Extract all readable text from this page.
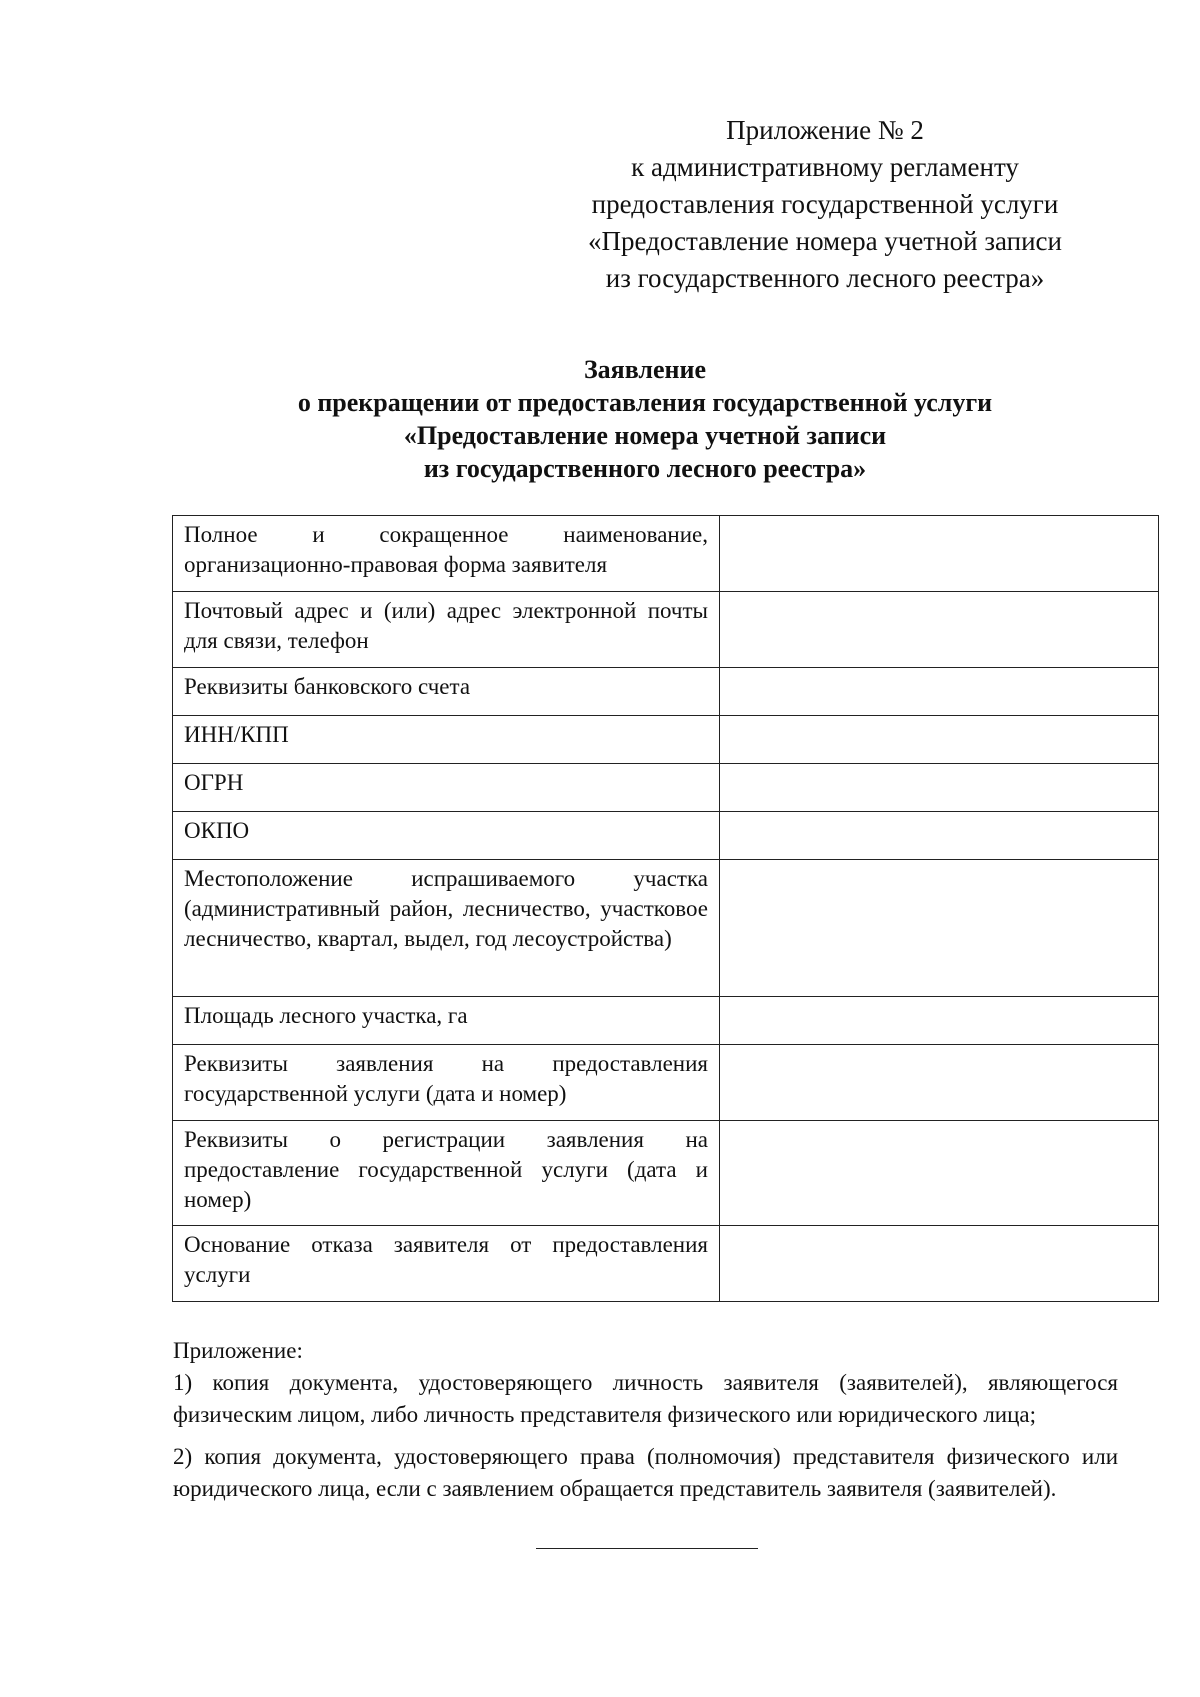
Приложение № 2
к административному регламенту
предоставления государственной услуги
«Предоставление номера учетной записи
из государственного лесного реестра»
Заявление
о прекращении от предоставления государственной услуги
«Предоставление номера учетной записи
из государственного лесного реестра»
Полное и сокращенное наименование, организационно-правовая форма заявителя	
Почтовый адрес и (или) адрес электронной почты для связи, телефон	
Реквизиты банковского счета	
ИНН/КПП	
ОГРН	
ОКПО	
Местоположение испрашиваемого участка (административный район, лесничество, участковое лесничество, квартал, выдел, год лесоустройства)	
Площадь лесного участка, га	
Реквизиты заявления на предоставления государственной услуги (дата и номер)	
Реквизиты о регистрации заявления на предоставление государственной услуги (дата и номер)	
Основание отказа заявителя от предоставления услуги	

Приложение:

1) копия документа, удостоверяющего личность заявителя (заявителей), являющегося физическим лицом, либо личность представителя физического или юридического лица;

2) копия документа, удостоверяющего права (полномочия) представителя физического или юридического лица, если с заявлением обращается представитель заявителя (заявителей).
